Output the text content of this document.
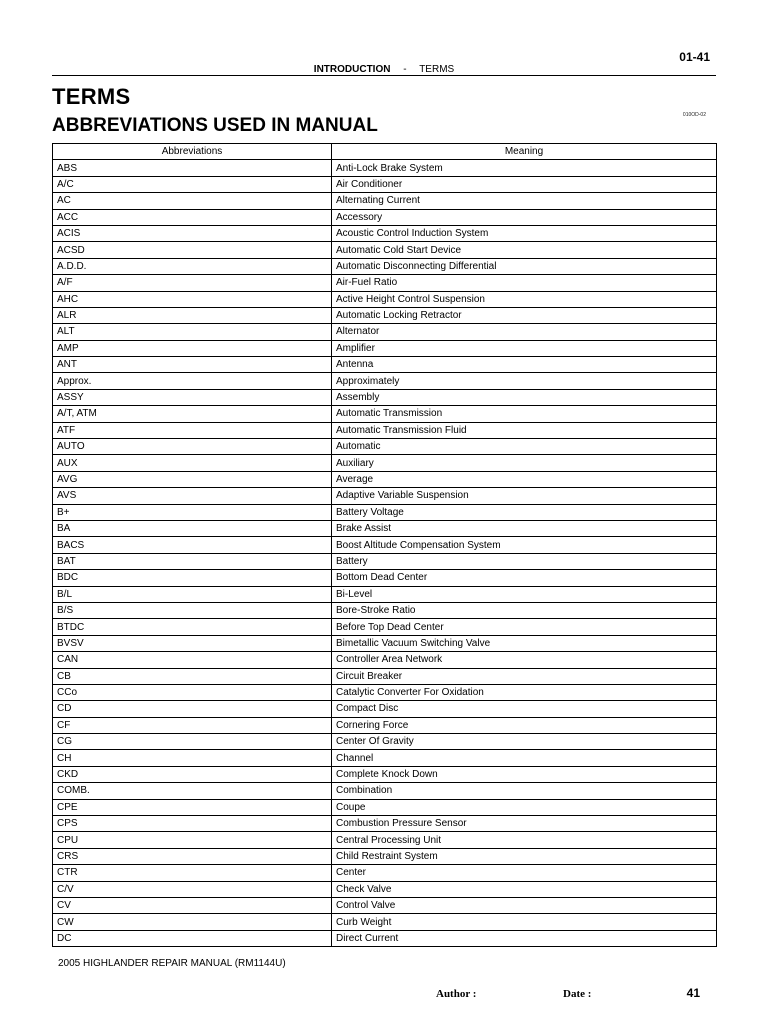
01-41
INTRODUCTION - TERMS
TERMS
ABBREVIATIONS USED IN MANUAL	010OD-02
Abbreviations	Meaning
ABS	Anti-Lock Brake System
A/C	Air Conditioner
AC	Alternating Current
ACC	Accessory
ACIS	Acoustic Control Induction System
ACSD	Automatic Cold Start Device
A.D.D.	Automatic Disconnecting Differential
A/F	Air-Fuel Ratio
AHC	Active Height Control Suspension
ALR	Automatic Locking Retractor
ALT	Alternator
AMP	Amplifier
ANT	Antenna
Approx.	Approximately
ASSY	Assembly
A/T, ATM	Automatic Transmission
ATF	Automatic Transmission Fluid
AUTO	Automatic
AUX	Auxiliary
AVG	Average
AVS	Adaptive Variable Suspension
B+	Battery Voltage
BA	Brake Assist
BACS	Boost Altitude Compensation System
BAT	Battery
BDC	Bottom Dead Center
B/L	Bi-Level
B/S	Bore-Stroke Ratio
BTDC	Before Top Dead Center
BVSV	Bimetallic Vacuum Switching Valve
CAN	Controller Area Network
CB	Circuit Breaker
CCo	Catalytic Converter For Oxidation
CD	Compact Disc
CF	Cornering Force
CG	Center Of Gravity
CH	Channel
CKD	Complete Knock Down
COMB.	Combination
CPE	Coupe
CPS	Combustion Pressure Sensor
CPU	Central Processing Unit
CRS	Child Restraint System
CTR	Center
C/V	Check Valve
CV	Control Valve
CW	Curb Weight
DC	Direct Current
2005 HIGHLANDER REPAIR MANUAL (RM1144U)
Author :	Date :	41
